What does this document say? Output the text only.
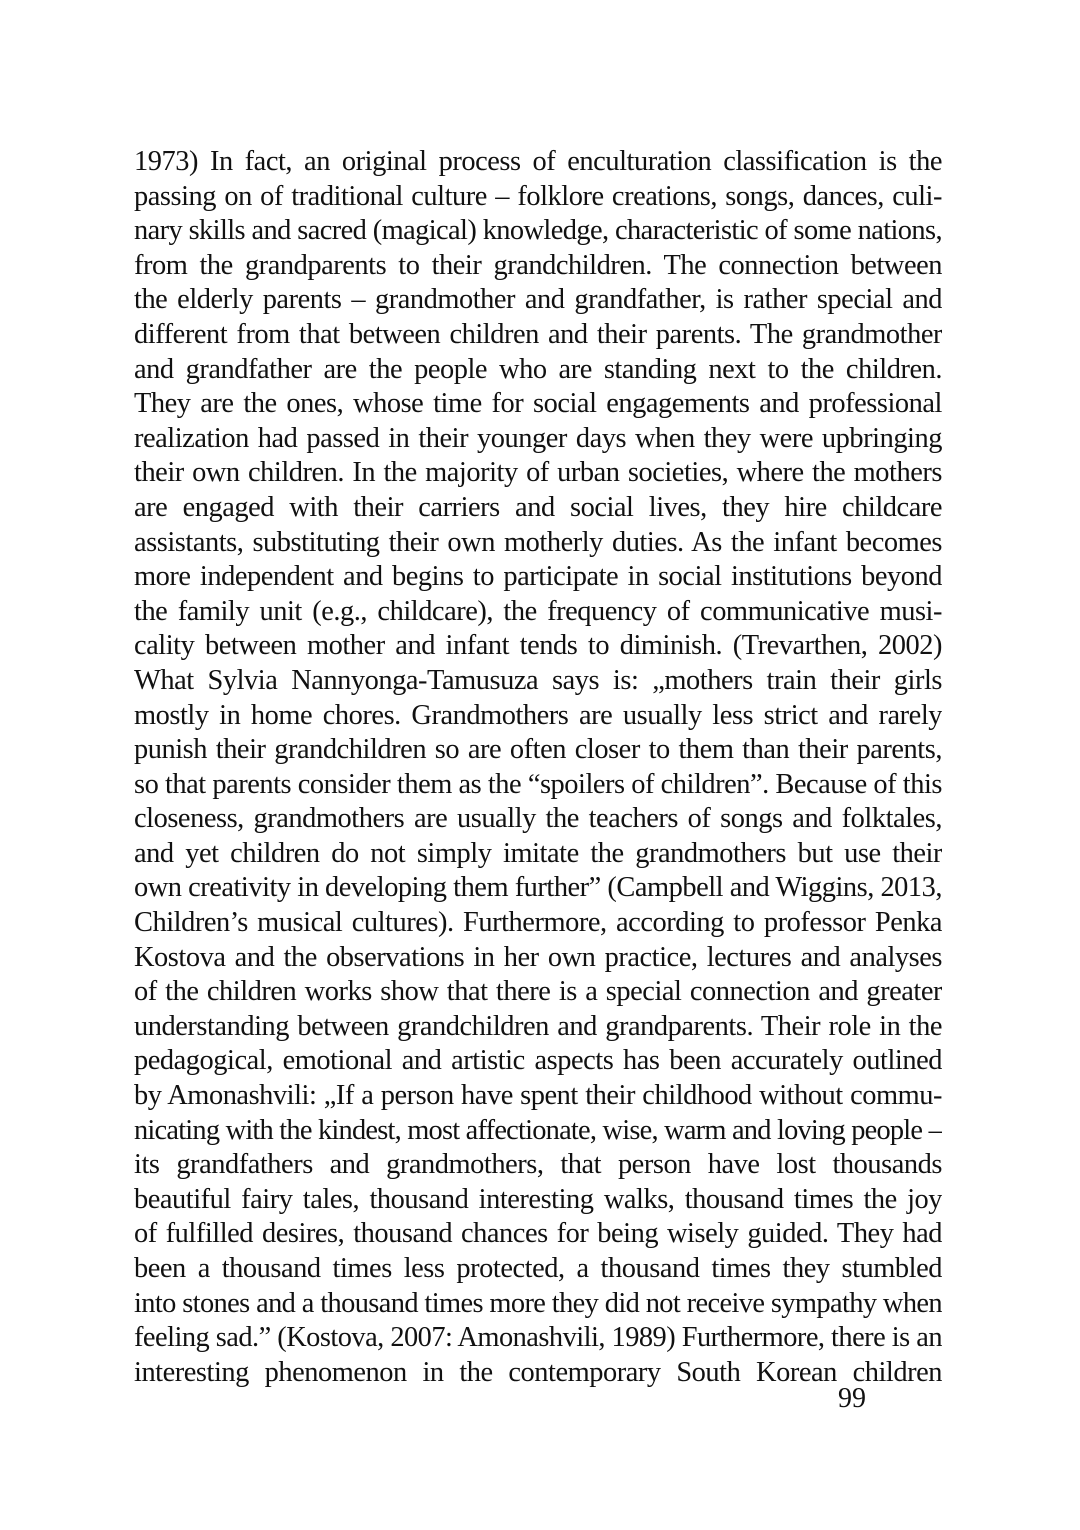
1973) In fact, an original process of enculturation classification is the
passing on of traditional culture – folklore creations, songs, dances, culi-
nary skills and sacred (magical) knowledge, characteristic of some nations,
from the grandparents to their grandchildren. The connection between
the elderly parents – grandmother and grandfather, is rather special and
different from that between children and their parents. The grandmother
and grandfather are the people who are standing next to the children.
They are the ones, whose time for social engagements and professional
realization had passed in their younger days when they were upbringing
their own children. In the majority of urban societies, where the mothers
are engaged with their carriers and social lives, they hire childcare
assistants, substituting their own motherly duties. As the infant becomes
more independent and begins to participate in social institutions beyond
the family unit (e.g., childcare), the frequency of communicative musi-
cality between mother and infant tends to diminish. (Trevarthen, 2002)
What Sylvia Nannyonga-Tamusuza says is: „mothers train their girls
mostly in home chores. Grandmothers are usually less strict and rarely
punish their grandchildren so are often closer to them than their parents,
so that parents consider them as the “spoilers of children”. Because of this
closeness, grandmothers are usually the teachers of songs and folktales,
and yet children do not simply imitate the grandmothers but use their
own creativity in developing them further” (Campbell and Wiggins, 2013,
Children’s musical cultures). Furthermore, according to professor Penka
Kostova and the observations in her own practice, lectures and analyses
of the children works show that there is a special connection and greater
understanding between grandchildren and grandparents. Their role in the
pedagogical, emotional and artistic aspects has been accurately outlined
by Amonashvili: „If a person have spent their childhood without commu-
nicating with the kindest, most affectionate, wise, warm and loving people –
its grandfathers and grandmothers, that person have lost thousands
beautiful fairy tales, thousand interesting walks, thousand times the joy
of fulfilled desires, thousand chances for being wisely guided. They had
been a thousand times less protected, a thousand times they stumbled
into stones and a thousand times more they did not receive sympathy when
feeling sad.” (Kostova, 2007: Amonashvili, 1989) Furthermore, there is an
interesting phenomenon in the contemporary South Korean children
99
